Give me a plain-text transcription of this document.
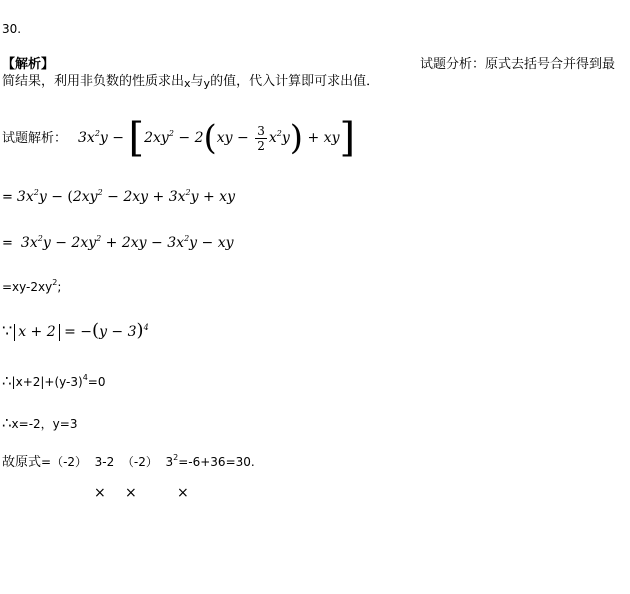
30.
【解析】	试题分析：原式去括号合并得到最
简结果，利用非负数的性质求出x与y的值，代入计算即可求出值．
试题解析： $3x^2y$ − [ $2xy^2 - 2$ ( xy − $\frac{3}{2} x^2y$ ) + xy ]
= $3x^2y - (2xy^2 - 2xy + 3x^2y$ + xy
= $3x^2y - 2xy^2 + 2xy - 3x^2y$ − xy
$=xy-2xy^2$;
∵ $x + 2 = -(y - 3)^4$
$\therefore|x+2|+(y-3)^4=0$
∴x=-2，y=3
故原式=（-2）  3-2  （-2）  $3^2=-6+36=30$.
× ×	×
